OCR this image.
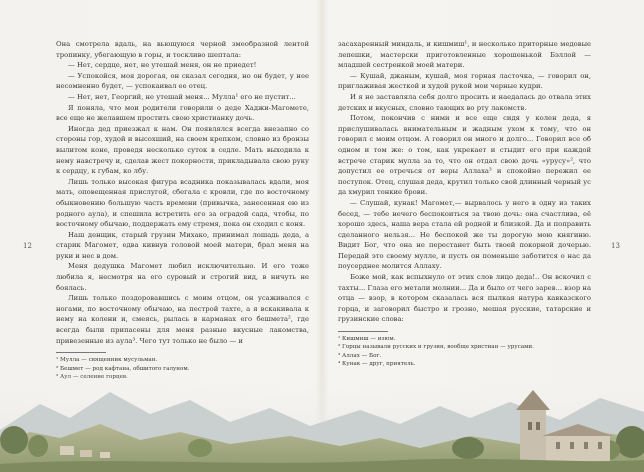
12	13

Она смотрела вдаль, на вьющуюся черной змеобразной лентой тропинку, убегающую в горы, и тоскливо шептала:

— Нет, сердце, нет, не утешай меня, он не приедет!

— Успокойся, моя дорогая, он сказал сегодня, но он будет, у нее несомненно будет, — успокаивал ее отец.

— Нет, нет, Георгий, не утешай меня... Мулла¹ его не пустит...

Я поняла, что мои родители говорили о деде Хаджи-Магомете, все еще не желавшем простить свою христианку дочь.

Иногда дед приезжал к нам. Он появлялся всегда внезапно со стороны гор, худой и высохший, на своем крепком, словно из бронзы вылитом коне, проведя несколько суток в седле. Мать выходила к нему навстречу и, сделав жест покорности, прикладывала свою руку к сердцу, к губам, ко лбу.

Лишь только высокая фигура всадника показывалась вдали, моя мать, оповещенная прислугой, сбегала с кровли, где по восточному обыкновению большую часть времени (привычка, занесенная ею из родного аула), и спешила встретить его за оградой сада, чтобы, по восточному обычаю, поддержать ему стремя, пока он сходил с коня.

Наш денщик, старый грузин Михако, принимал лошадь деда, а старик Магомет, едва кивнув головой моей матери, брал меня на руки и нес в дом.

Меня дедушка Магомет любил исключительно. И его тоже любила я, несмотря на его суровый и строгий вид, в ничуть не боялась.

Лишь только поздоровавшись с моим отцом, он усаживался с ногами, по восточному обычаю, на пестрой тахте, а я вскакивала к нему на колени и, смеясь, рылась в карманах его бешмета², где всегда были припасены для меня разные вкусные лакомства, привезенные из аула³. Чего тут только не было — и

¹ Мулла — священник мусульман.
² Бешмет — род кафтана, обшитого галуном.

засахаренный миндаль, и кишмиш¹, и несколько приторные медовые лепешки, мастерски приготовленные хорошенькой Бэллой — младшей сестренкой моей матери.

— Кушай, джаным, кушай, моя горная ласточка, — говорил он, приглаживая жесткой и худой рукой мои черные кудри.

И я не заставляла себя долго просить и наедалась до отвала этих детских и вкусных, словно тающих во рту лакомств.

Потом, покончив с ними и все еще сидя у колен деда, я прислушивалась внимательным и жадным ухом к тому, что он говорил с моим отцом. А говорил он много и долго... Говорил все об одном и том же: о том, как укрекает и стыдит его при каждой встрече старик мулла за то, что он отдал свою дочь «урусу»², что допустил ее отречься от веры Аллаха³ и спокойно пережил ее поступок. Отец, слушая деда, крутил только свой длинный черный ус да хмурил тонкие брови.

— Слушай, кунак! Магомет,— вырвалось у него в одну из таких бесед, — тебе нечего беспокоиться за твою дочь: она счастлива, её хорошо здесь, наша вера стала ей родной и близкой. Да и поправить сделанного нельзя... Не беспокой же ты дорогую мою княгиню. Видит Бог, что она не перестанет быть твоей покорной дочерью. Передай это своему мулле, и пусть он поменьше заботится о нас да поусерднее молится Аллаху.

Боже мой, как вспыхнуло от этих слов лицо деда!.. Он вскочил с тахты... Глаза его метали молнии... Да и было от чего зарев... взор на отца — взор, в котором сказалась вся пылкая натура кавказского горца, и заговорил быстро и грозно, мешая русские, татарские и грузинские слова:

¹ Кишмиш — изюм.
² Горцы называли русских и грузин, вообще христиан — урусами.
³ Аллах — Бог.
⁴ Кунак — друг, приятель.
